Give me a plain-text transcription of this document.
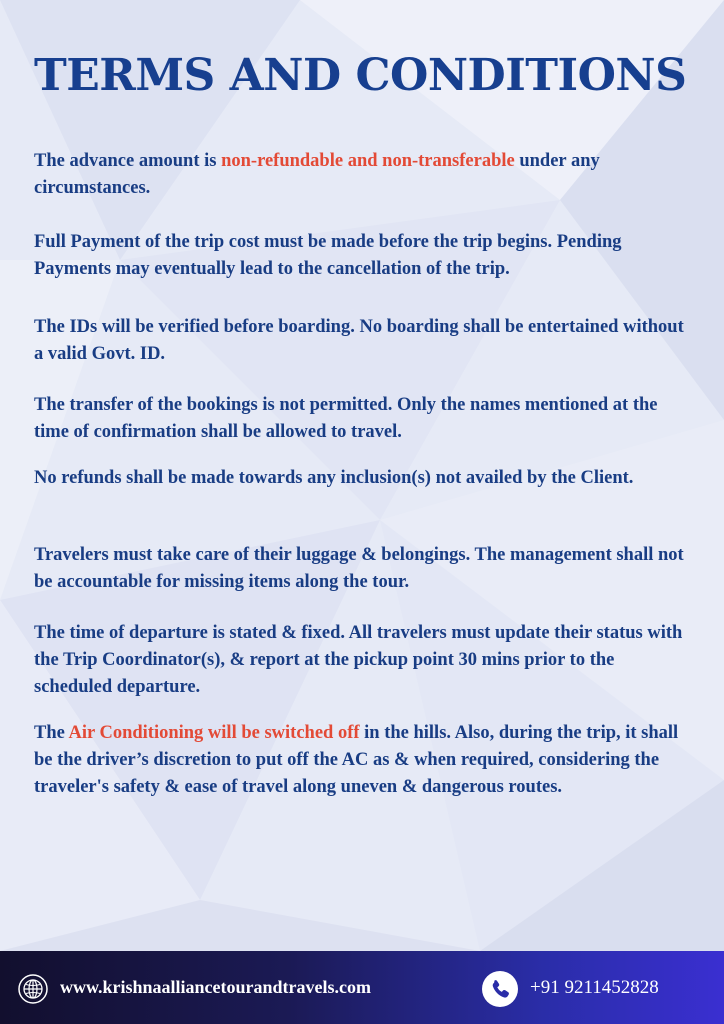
TERMS AND CONDITIONS

The advance amount is non-refundable and non-transferable under any circumstances.

Full Payment of the trip cost must be made before the trip begins. Pending Payments may eventually lead to the cancellation of the trip.

The IDs will be verified before boarding. No boarding shall be entertained without a valid Govt. ID.

The transfer of the bookings is not permitted. Only the names mentioned at the time of confirmation shall be allowed to travel.

No refunds shall be made towards any inclusion(s) not availed by the Client.

Travelers must take care of their luggage & belongings. The management shall not be accountable for missing items along the tour.

The time of departure is stated & fixed. All travelers must update their status with the Trip Coordinator(s), & report at the pickup point 30 mins prior to the scheduled departure.

The Air Conditioning will be switched off in the hills. Also, during the trip, it shall be the driver’s discretion to put off the AC as & when required, considering the traveler's safety & ease of travel along uneven & dangerous routes.

www.krishnaalliancetourandtravels.com	+91 9211452828
